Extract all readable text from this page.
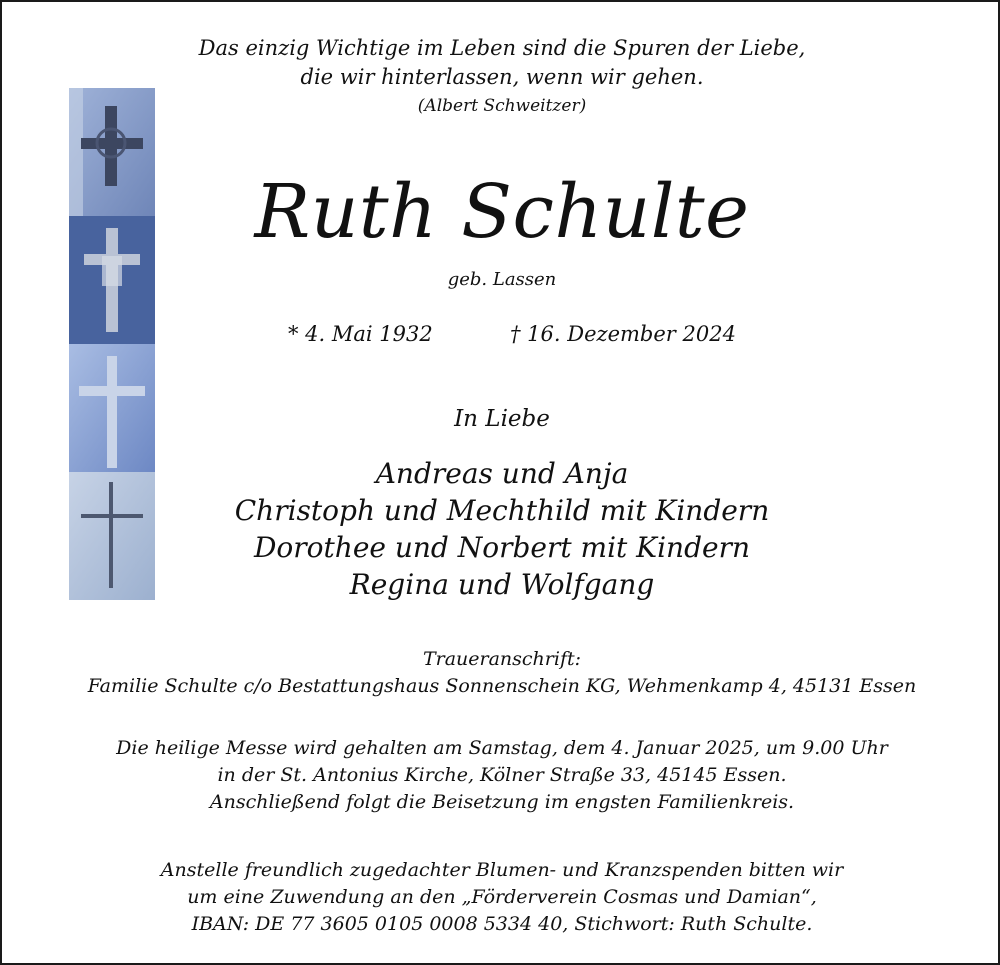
Das einzig Wichtige im Leben sind die Spuren der Liebe,
die wir hinterlassen, wenn wir gehen.
(Albert Schweitzer)
Ruth Schulte
geb. Lassen
* 4. Mai 1932	† 16. Dezember 2024
In Liebe
Andreas und Anja
Christoph und Mechthild mit Kindern
Dorothee und Norbert mit Kindern
Regina und Wolfgang
Traueranschrift:
Familie Schulte c/o Bestattungshaus Sonnenschein KG, Wehmenkamp 4, 45131 Essen
Die heilige Messe wird gehalten am Samstag, dem 4. Januar 2025, um 9.00 Uhr
in der St. Antonius Kirche, Kölner Straße 33, 45145 Essen.
Anschließend folgt die Beisetzung im engsten Familienkreis.
Anstelle freundlich zugedachter Blumen- und Kranzspenden bitten wir
um eine Zuwendung an den „Förderverein Cosmas und Damian“,
IBAN: DE 77 3605 0105 0008 5334 40, Stichwort: Ruth Schulte.
